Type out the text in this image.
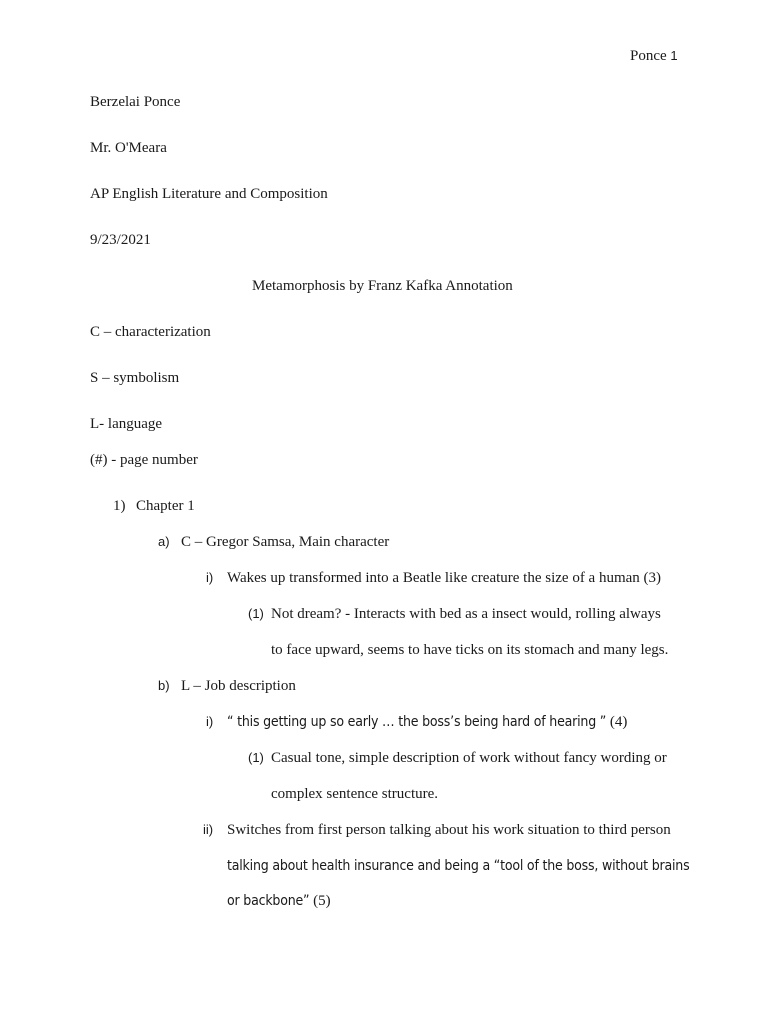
Ponce 1
Berzelai Ponce
Mr. O'Meara
AP English Literature and Composition
9/23/2021
Metamorphosis by Franz Kafka Annotation
C – characterization
S – symbolism
L- language
(#) - page number
1) Chapter 1
a) C – Gregor Samsa, Main character
i) Wakes up transformed into a Beatle like creature the size of a human (3)
(1) Not dream? - Interacts with bed as a insect would, rolling always
to face upward, seems to have ticks on its stomach and many legs.
b) L – Job description
i) “ this getting up so early … the boss’s being hard of hearing ” (4)
(1) Casual tone, simple description of work without fancy wording or
complex sentence structure.
ii) Switches from first person talking about his work situation to third person
talking about health insurance and being a “tool of the boss, without brains
or backbone” (5)
